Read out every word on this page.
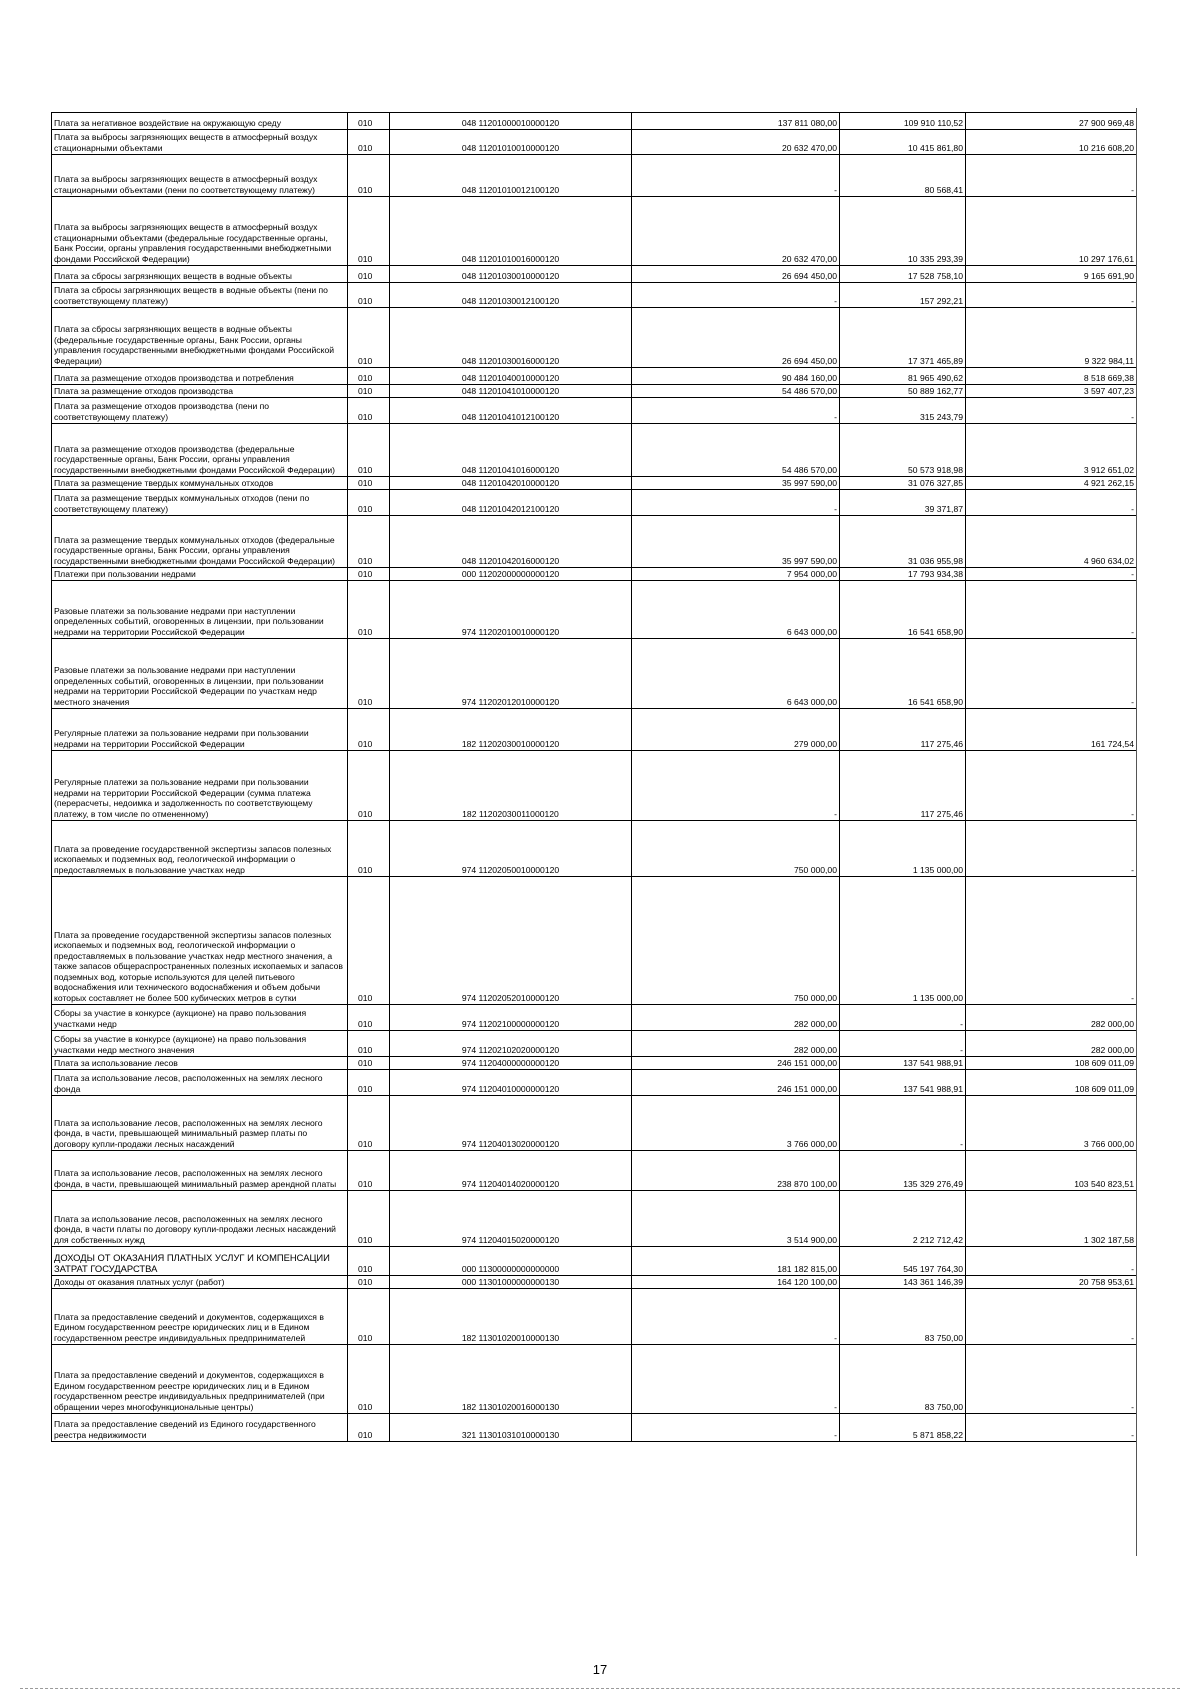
Плата за негативное воздействие на окружающую среду	010	048 11201000010000120	137 811 080,00	109 910 110,52	27 900 969,48
Плата за выбросы загрязняющих веществ в атмосферный воздух стационарными объектами	010	048 11201010010000120	20 632 470,00	10 415 861,80	10 216 608,20
Плата за выбросы загрязняющих веществ в атмосферный воздух стационарными объектами (пени по соответствующему платежу)	010	048 11201010012100120	-	80 568,41	-
Плата за выбросы загрязняющих веществ в атмосферный воздух стационарными объектами (федеральные государственные органы, Банк России, органы управления государственными внебюджетными фондами Российской Федерации)	010	048 11201010016000120	20 632 470,00	10 335 293,39	10 297 176,61
Плата за сбросы загрязняющих веществ в водные объекты	010	048 11201030010000120	26 694 450,00	17 528 758,10	9 165 691,90
Плата за сбросы загрязняющих веществ в водные объекты (пени по соответствующему платежу)	010	048 11201030012100120	-	157 292,21	-
Плата за сбросы загрязняющих веществ в водные объекты (федеральные государственные органы, Банк России, органы управления государственными внебюджетными фондами Российской Федерации)	010	048 11201030016000120	26 694 450,00	17 371 465,89	9 322 984,11
Плата за размещение отходов производства и потребления	010	048 11201040010000120	90 484 160,00	81 965 490,62	8 518 669,38
Плата за размещение отходов производства	010	048 11201041010000120	54 486 570,00	50 889 162,77	3 597 407,23
Плата за размещение отходов производства (пени по соответствующему платежу)	010	048 11201041012100120	-	315 243,79	-
Плата за размещение отходов производства (федеральные государственные органы, Банк России, органы управления государственными внебюджетными фондами Российской Федерации)	010	048 11201041016000120	54 486 570,00	50 573 918,98	3 912 651,02
Плата за размещение твердых коммунальных отходов	010	048 11201042010000120	35 997 590,00	31 076 327,85	4 921 262,15
Плата за размещение твердых коммунальных отходов (пени по соответствующему платежу)	010	048 11201042012100120	-	39 371,87	-
Плата за размещение твердых коммунальных отходов (федеральные государственные органы, Банк России, органы управления государственными внебюджетными фондами Российской Федерации)	010	048 11201042016000120	35 997 590,00	31 036 955,98	4 960 634,02
Платежи при пользовании недрами	010	000 11202000000000120	7 954 000,00	17 793 934,38	-
Разовые платежи за пользование недрами при наступлении определенных событий, оговоренных в лицензии, при пользовании недрами на территории Российской Федерации	010	974 11202010010000120	6 643 000,00	16 541 658,90	-
Разовые платежи за пользование недрами при наступлении определенных событий, оговоренных в лицензии, при пользовании недрами на территории Российской Федерации по участкам недр местного значения	010	974 11202012010000120	6 643 000,00	16 541 658,90	-
Регулярные платежи за пользование недрами при пользовании недрами на территории Российской Федерации	010	182 11202030010000120	279 000,00	117 275,46	161 724,54
Регулярные платежи за пользование недрами при пользовании недрами на территории Российской Федерации (сумма платежа (перерасчеты, недоимка и задолженность по соответствующему платежу, в том числе по отмененному)	010	182 11202030011000120	-	117 275,46	-
Плата за проведение государственной экспертизы запасов полезных ископаемых и подземных вод, геологической информации о предоставляемых в пользование участках недр	010	974 11202050010000120	750 000,00	1 135 000,00	-
Плата за проведение государственной экспертизы запасов полезных ископаемых и подземных вод, геологической информации о предоставляемых в пользование участках недр местного значения, а также запасов общераспространенных полезных ископаемых и запасов подземных вод, которые используются для целей питьевого водоснабжения или технического водоснабжения и объем добычи которых составляет не более 500 кубических метров в сутки	010	974 11202052010000120	750 000,00	1 135 000,00	-
Сборы за участие в конкурсе (аукционе) на право пользования участками недр	010	974 11202100000000120	282 000,00	-	282 000,00
Сборы за участие в конкурсе (аукционе) на право пользования участками недр местного значения	010	974 11202102020000120	282 000,00	-	282 000,00
Плата за использование лесов	010	974 11204000000000120	246 151 000,00	137 541 988,91	108 609 011,09
Плата за использование лесов, расположенных на землях лесного фонда	010	974 11204010000000120	246 151 000,00	137 541 988,91	108 609 011,09
Плата за использование лесов, расположенных на землях лесного фонда, в части, превышающей минимальный размер платы по договору купли-продажи лесных насаждений	010	974 11204013020000120	3 766 000,00	-	3 766 000,00
Плата за использование лесов, расположенных на землях лесного фонда, в части, превышающей минимальный размер арендной платы	010	974 11204014020000120	238 870 100,00	135 329 276,49	103 540 823,51
Плата за использование лесов, расположенных на землях лесного фонда, в части платы по договору купли-продажи лесных насаждений для собственных нужд	010	974 11204015020000120	3 514 900,00	2 212 712,42	1 302 187,58
ДОХОДЫ ОТ ОКАЗАНИЯ ПЛАТНЫХ УСЛУГ И КОМПЕНСАЦИИ ЗАТРАТ ГОСУДАРСТВА	010	000 11300000000000000	181 182 815,00	545 197 764,30	-
Доходы от оказания платных услуг (работ)	010	000 11301000000000130	164 120 100,00	143 361 146,39	20 758 953,61
Плата за предоставление сведений и документов, содержащихся в Едином государственном реестре юридических лиц и в Едином государственном реестре индивидуальных предпринимателей	010	182 11301020010000130	-	83 750,00	-
Плата за предоставление сведений и документов, содержащихся в Едином государственном реестре юридических лиц и в Едином государственном реестре индивидуальных предпринимателей (при обращении через многофункциональные центры)	010	182 11301020016000130	-	83 750,00	-
Плата за предоставление сведений из Единого государственного реестра недвижимости	010	321 11301031010000130	-	5 871 858,22	-
17
